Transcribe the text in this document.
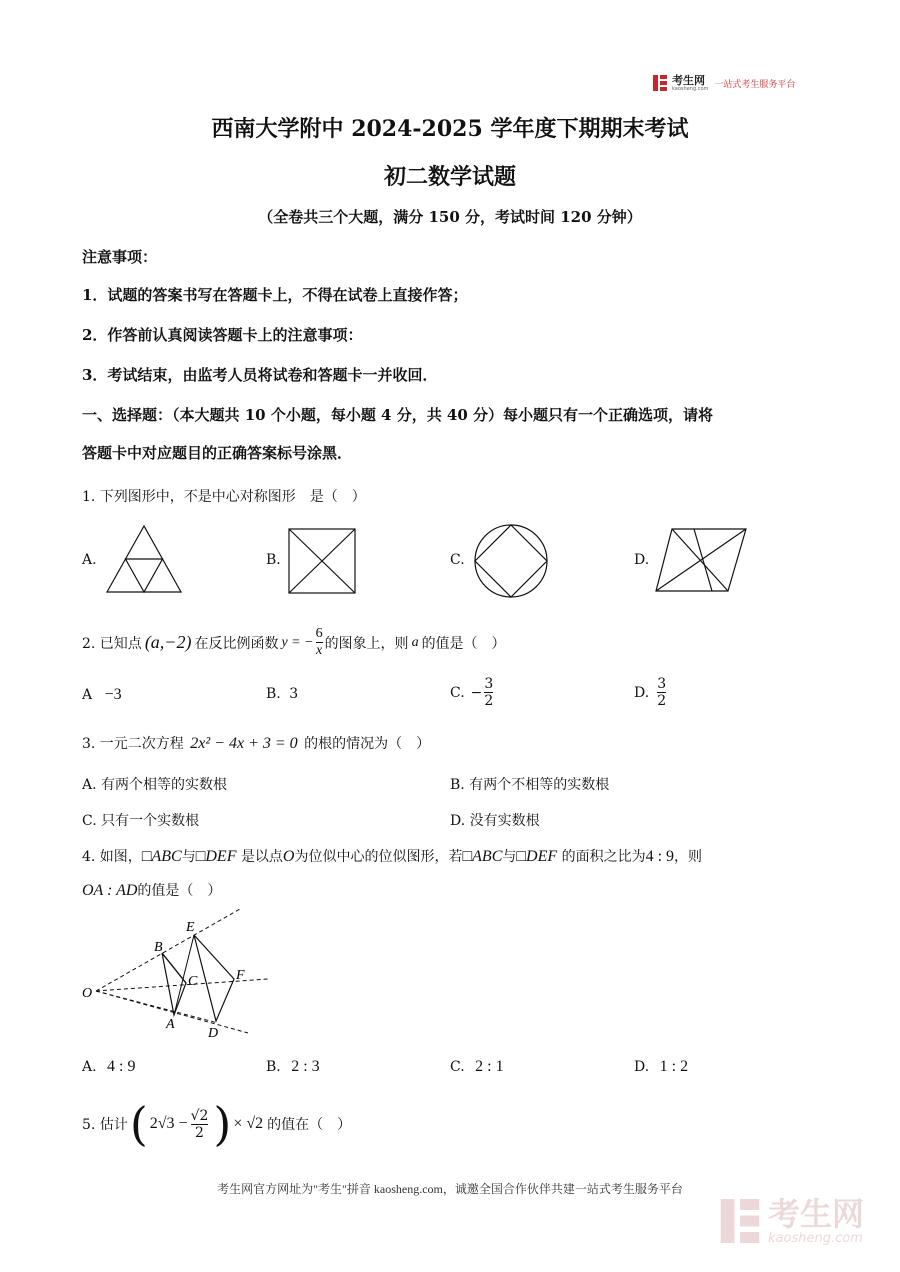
考生网
kaosheng.com 一站式考生服务平台
西南大学附中 2024-2025 学年度下期期末考试
初二数学试题
（全卷共三个大题，满分 150 分，考试时间 120 分钟）
注意事项：
1．试题的答案书写在答题卡上，不得在试卷上直接作答；
2．作答前认真阅读答题卡上的注意事项：
3．考试结束，由监考人员将试卷和答题卡一并收回．
一、选择题：（本大题共 10 个小题，每小题 4 分，共 40 分）每小题只有一个正确选项，请将
答题卡中对应题目的正确答案标号涂黑．
1. 下列图形中，不是中心对称图形　是（　）
A.	B.	C.	D.
2. 已知点 (a,−2) 在反比例函数 y = − $\frac{6}{x}$ 的图象上，则 a 的值是（　）
A −3	B. 3	C. − $\frac{3}{2}$	D. $\frac{3}{2}$
3. 一元二次方程 2x² − 4x + 3 = 0 的根的情况为（　）
A. 有两个相等的实数根	B. 有两个不相等的实数根
C. 只有一个实数根	D. 没有实数根
4. 如图，□ABC与□DEF 是以点O为位似中心的位似图形，若□ABC与□DEF 的面积之比为4 : 9，则
OA : AD的值是（　）
O
B
E
C	F
A
D
A. 4 : 9	B. 2 : 3	C. 2 : 1	D. 1 : 2
5. 估计 ( $2√3 - \frac{√2}{2}$ ) × √2 的值在（　）
考生网官方网址为"考生"拼音 kaosheng.com，诚邀全国合作伙伴共建一站式考生服务平台
考生网
kaosheng.com
